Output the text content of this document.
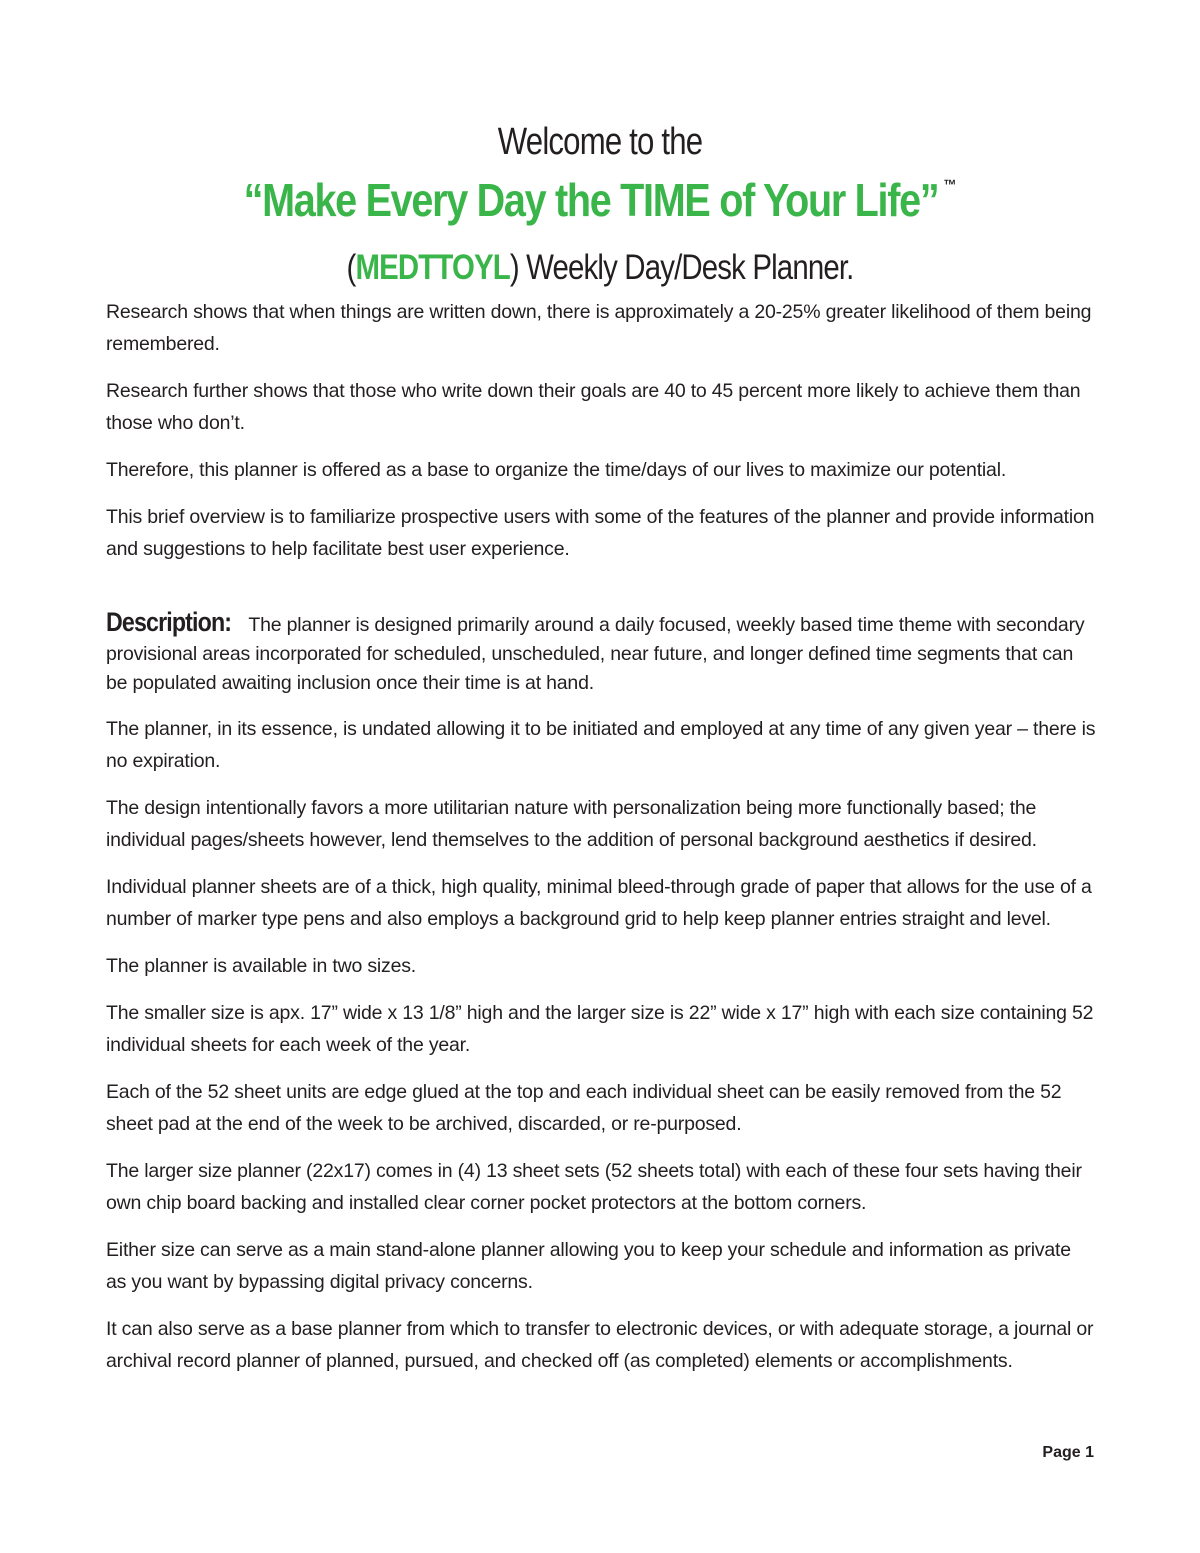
Welcome to the
“Make Every Day the TIME of Your Life” ™
(MEDTTOYL) Weekly Day/Desk Planner.

Research shows that when things are written down, there is approximately a 20-25% greater likelihood of them being remembered.

Research further shows that those who write down their goals are 40 to 45 percent more likely to achieve them than those who don’t.

Therefore, this planner is offered as a base to organize the time/days of our lives to maximize our potential.

This brief overview is to familiarize prospective users with some of the features of the planner and provide information and suggestions to help facilitate best user experience.

Description: The planner is designed primarily around a daily focused, weekly based time theme with secondary provisional areas incorporated for scheduled, unscheduled, near future, and longer defined time segments that can be populated awaiting inclusion once their time is at hand.

The planner, in its essence, is undated allowing it to be initiated and employed at any time of any given year – there is no expiration.

The design intentionally favors a more utilitarian nature with personalization being more functionally based; the individual pages/sheets however, lend themselves to the addition of personal background aesthetics if desired.

Individual planner sheets are of a thick, high quality, minimal bleed-through grade of paper that allows for the use of a number of marker type pens and also employs a background grid to help keep planner entries straight and level.

The planner is available in two sizes.

The smaller size is apx. 17” wide x 13 1/8” high and the larger size is 22” wide x 17” high with each size containing 52 individual sheets for each week of the year.

Each of the 52 sheet units are edge glued at the top and each individual sheet can be easily removed from the 52 sheet pad at the end of the week to be archived, discarded, or re-purposed.

The larger size planner (22x17) comes in (4) 13 sheet sets (52 sheets total) with each of these four sets having their own chip board backing and installed clear corner pocket protectors at the bottom corners.

Either size can serve as a main stand-alone planner allowing you to keep your schedule and information as private as you want by bypassing digital privacy concerns.

It can also serve as a base planner from which to transfer to electronic devices, or with adequate storage, a journal or archival record planner of planned, pursued, and checked off (as completed) elements or accomplishments.

Page 1
